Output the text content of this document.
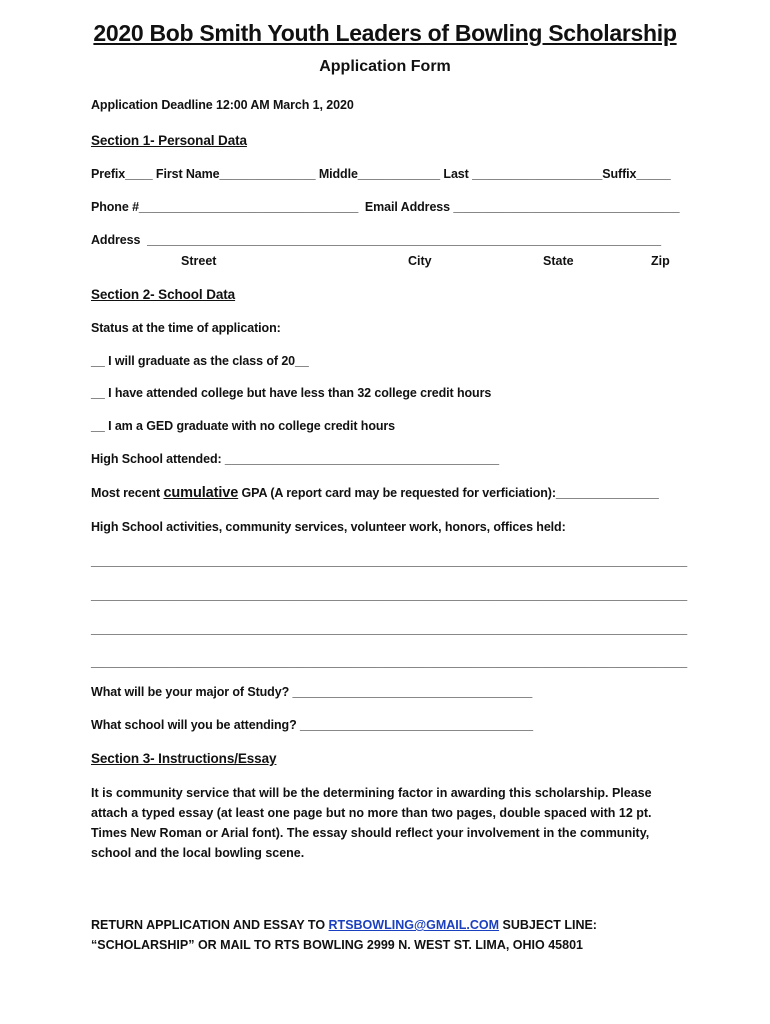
2020 Bob Smith Youth Leaders of Bowling Scholarship
Application Form
Application Deadline 12:00 AM March 1, 2020
Section 1- Personal Data
Prefix____ First Name______________ Middle____________ Last ___________________Suffix_____
Phone #________________________________  Email Address _________________________________
Address  ___________________________________________________________________________
Street	City	State	Zip
Section 2- School Data
Status at the time of application:
__ I will graduate as the class of 20__
__ I have attended college but have less than 32 college credit hours
__ I am a GED graduate with no college credit hours
High School attended: ________________________________________
Most recent cumulative GPA (A report card may be requested for verficiation):_______________
High School activities, community services, volunteer work, honors, offices held:
_______________________________________________________________________________________
_______________________________________________________________________________________
_______________________________________________________________________________________
_______________________________________________________________________________________
What will be your major of Study? ___________________________________
What school will you be attending? __________________________________
Section 3- Instructions/Essay
It is community service that will be the determining factor in awarding this scholarship. Please attach a typed essay (at least one page but no more than two pages, double spaced with 12 pt. Times New Roman or Arial font). The essay should reflect your involvement in the community, school and the local bowling scene.
RETURN APPLICATION AND ESSAY TO RTSBOWLING@GMAIL.COM SUBJECT LINE: “SCHOLARSHIP” OR MAIL TO RTS BOWLING 2999 N. WEST ST. LIMA, OHIO 45801
